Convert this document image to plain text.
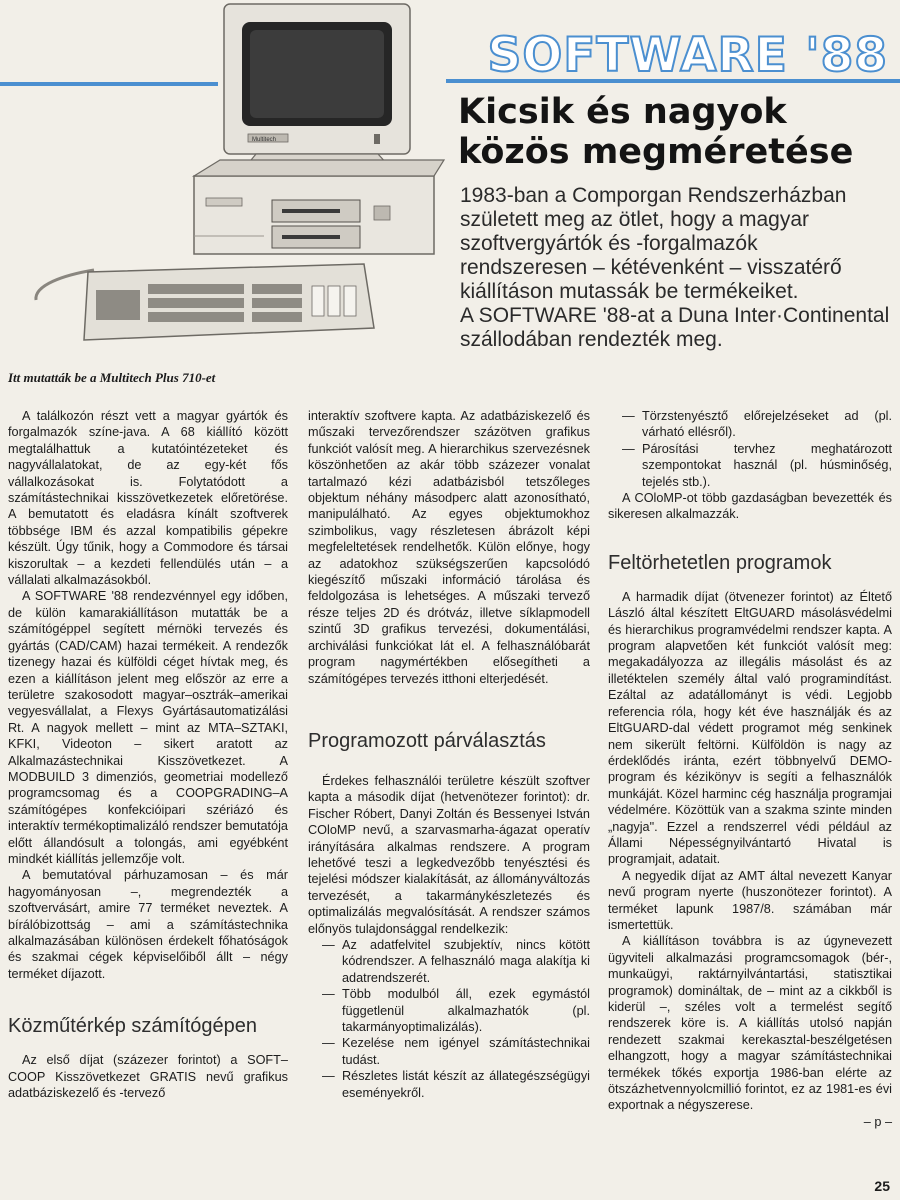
SOFTWARE '88
Kicsik és nagyok közös megméretése
1983-ban a Comporgan Rendszerházban született meg az ötlet, hogy a magyar szoftvergyártók és -forgalmazók rendszeresen – kétévenként – visszatérő kiállításon mutassák be termékeiket.
A SOFTWARE '88-at a Duna Inter·Continental szállodában rendezték meg.
Multitech
Itt mutatták be a Multitech Plus 710-et

A találkozón részt vett a magyar gyártók és forgalmazók színe-java. A 68 kiállító között megtalálhattuk a kutatóintézeteket és nagyvállalatokat, de az egy-két fős vállalkozásokat is. Folytatódott a számítástechnikai kisszövetkezetek előretörése. A bemutatott és eladásra kínált szoftverek többsége IBM és azzal kompatibilis gépekre készült. Úgy tűnik, hogy a Commodore és társai kiszorultak – a kezdeti fellendülés után – a vállalati alkalmazásokból.

A SOFTWARE '88 rendezvénnyel egy időben, de külön kamarakiállításon mutatták be a számítógéppel segített mérnöki tervezés és gyártás (CAD/CAM) hazai termékeit. A rendezők tizenegy hazai és külföldi céget hívtak meg, és ezen a kiállításon jelent meg először az erre a területre szakosodott magyar–osztrák–amerikai vegyesvállalat, a Flexys Gyártásautomatizálási Rt. A nagyok mellett – mint az MTA–SZTAKI, KFKI, Videoton – sikert aratott az Alkalmazástechnikai Kisszövetkezet. A MODBUILD 3 dimenziós, geometriai modellező programcsomag és a COOPGRADING–A számítógépes konfekcióipari szériázó és interaktív termékoptimalizáló rendszer bemutatója előtt állandósult a tolongás, ami egyébként mindkét kiállítás jellemzője volt.

A bemutatóval párhuzamosan – és már hagyományosan –, megrendezték a szoftvervásárt, amire 77 terméket neveztek. A bírálóbizottság – ami a számítástechnika alkalmazásában különösen érdekelt főhatóságok és szakmai cégek képviselőiből állt – négy terméket díjazott.

Közműtérkép számítógépen

Az első díjat (százezer forintot) a SOFT–COOP Kisszövetkezet GRATIS nevű grafikus adatbáziskezelő és -tervező

interaktív szoftvere kapta. Az adatbáziskezelő és műszaki tervezőrendszer százötven grafikus funkciót valósít meg. A hierarchikus szervezésnek köszönhetően az akár több százezer vonalat tartalmazó kézi adatbázisból tetszőleges objektum néhány másodperc alatt azonosítható, manipulálható. Az egyes objektumokhoz szimbolikus, vagy részletesen ábrázolt képi megfeleltetések rendelhetők. Külön előnye, hogy az adatokhoz szükségszerűen kapcsolódó kiegészítő műszaki információ tárolása és feldolgozása is lehetséges. A műszaki tervező része teljes 2D és drótváz, illetve síklapmodell szintű 3D grafikus tervezési, dokumentálási, archiválási funkciókat lát el. A felhasználóbarát program nagymértékben elősegítheti a számítógépes tervezés itthoni elterjedését.

Programozott párválasztás

Érdekes felhasználói területre készült szoftver kapta a második díjat (hetvenötezer forintot): dr. Fischer Róbert, Danyi Zoltán és Bessenyei István COloMP nevű, a szarvasmarha-ágazat operatív irányítására alkalmas rendszere. A program lehetővé teszi a legkedvezőbb tenyésztési és tejelési módszer kialakítását, az állományváltozás tervezését, a takarmánykészletezés és optimalizálás megvalósítását. A rendszer számos előnyös tulajdonsággal rendelkezik:

— Az adatfelvitel szubjektív, nincs kötött kódrendszer. A felhasználó maga alakítja ki adatrendszerét.
— Több modulból áll, ezek egymástól függetlenül alkalmazhatók (pl. takarmányoptimalizálás).
— Kezelése nem igényel számítástechnikai tudást.
— Részletes listát készít az állategészségügyi eseményekről.
— Törzstenyésztő előrejelzéseket ad (pl. várható ellésről).
— Párosítási tervhez meghatározott szempontokat használ (pl. húsminőség, tejelés stb.).

A COloMP-ot több gazdaságban bevezették és sikeresen alkalmazzák.

Feltörhetetlen programok

A harmadik díjat (ötvenezer forintot) az Éltető László által készített EltGUARD másolásvédelmi és hierarchikus programvédelmi rendszer kapta. A program alapvetően két funkciót valósít meg: megakadályozza az illegális másolást és az illetéktelen személy által való programindítást. Ezáltal az adatállományt is védi. Legjobb referencia róla, hogy két éve használják és az EltGUARD-dal védett programot még senkinek nem sikerült feltörni. Külföldön is nagy az érdeklődés iránta, ezért többnyelvű DEMO-program és kézikönyv is segíti a felhasználók munkáját. Közel harminc cég használja programjai védelmére. Közöttük van a szakma szinte minden „nagyja". Ezzel a rendszerrel védi például az Állami Népességnyilvántartó Hivatal is programjait, adatait.

A negyedik díjat az AMT által nevezett Kanyar nevű program nyerte (huszonötezer forintot). A terméket lapunk 1987/8. számában már ismertettük.

A kiállításon továbbra is az úgynevezett ügyviteli alkalmazási programcsomagok (bér-, munkaügyi, raktárnyilvántartási, statisztikai programok) domináltak, de – mint az a cikkből is kiderül –, széles volt a termelést segítő rendszerek köre is. A kiállítás utolsó napján rendezett szakmai kerekasztal-beszélgetésen elhangzott, hogy a magyar számítástechnikai termékek tőkés exportja 1986-ban elérte az ötszázhetvennyolcmillió forintot, ez az 1981-es évi exportnak a négyszerese.

– p –
25
